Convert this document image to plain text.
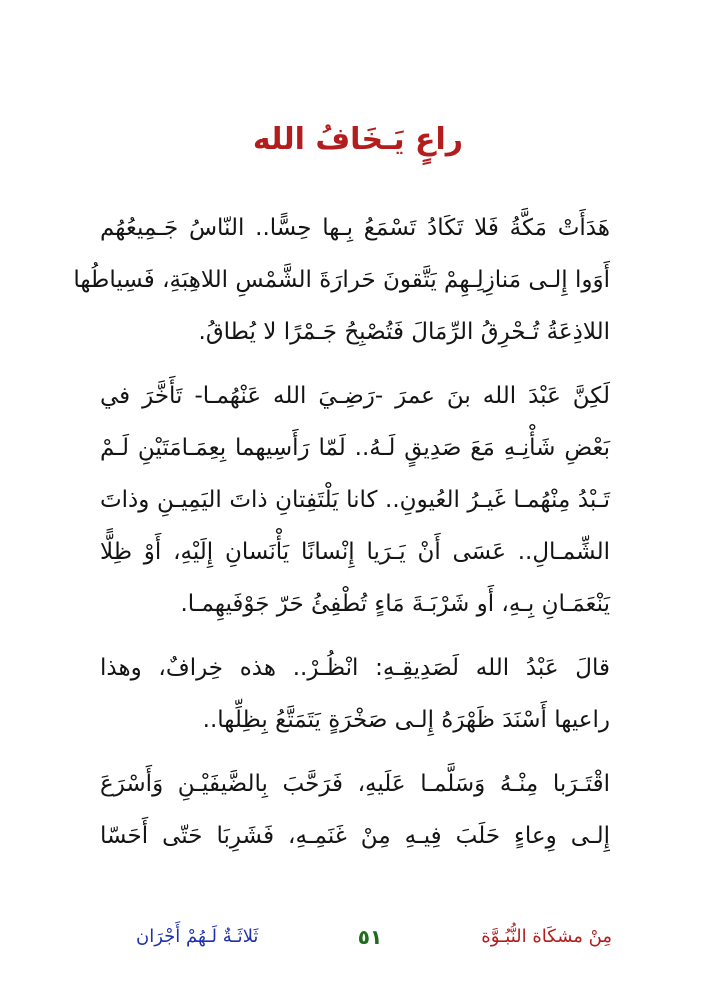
راعٍ يَـخَافُ الله
هَدَأَتْ مَكَّةُ فَلا تَكَادُ تَسْمَعُ بِـها حِسًّا.. النّاسُ جَـمِيعُهُم
أَوَوا إِلـى مَنازِلِـهِمْ يَتَّقونَ حَرارَةَ الشَّمْسِ اللاهِبَةِ، فَسِياطُها
اللاذِعَةُ تُـحْرِقُ الرِّمَالَ فَتُصْبِحُ جَـمْرًا لا يُطاقُ.
لَكِنَّ عَبْدَ الله بنَ عمرَ -رَضِـيَ الله عَنْهُمـا- تَأَخَّرَ في
بَعْضِ شَأْنِـهِ مَعَ صَدِيقٍ لَـهُ.. لَمّا رَأَسِيهما بِعِمَـامَتَيْنِ لَـمْ
تَـبْدُ مِنْهُمـا غَيـرُ العُيونِ.. كانا يَلْتَفِتانِ ذاتَ اليَمِيـنِ وذاتَ
الشِّمـالِ.. عَسَى أَنْ يَـرَيا إِنْسانًا يَأْنَسانِ إِلَيْهِ، أَوْ ظِلًّا
يَنْعَمَـانِ بِـهِ، أَو شَرْبَـةَ مَاءٍ تُطْفِئُ حَرّ جَوْفَيهِمـا.
قالَ عَبْدُ الله لَصَدِيقِـهِ: انْظُـرْ.. هذه خِرافٌ، وهذا
راعيها أَسْنَدَ ظَهْرَهُ إِلـى صَخْرَةٍ يَتَمَتَّعُ بِظِلِّها..
اقْتَـرَبا مِنْـهُ وَسَلَّمـا عَلَيهِ، فَرَحَّبَ بِالضَّيفَيْـنِ وَأَسْرَعَ
إِلـى وِعاءٍ حَلَبَ فِيـهِ مِنْ غَنَمِـهِ، فَشَرِبَا حَتّى أَحَسّا
ثَلاثَـةٌ لَـهُمْ أَجْرَان	٥١	مِنْ مشكَاة النُّبُـوَّة
